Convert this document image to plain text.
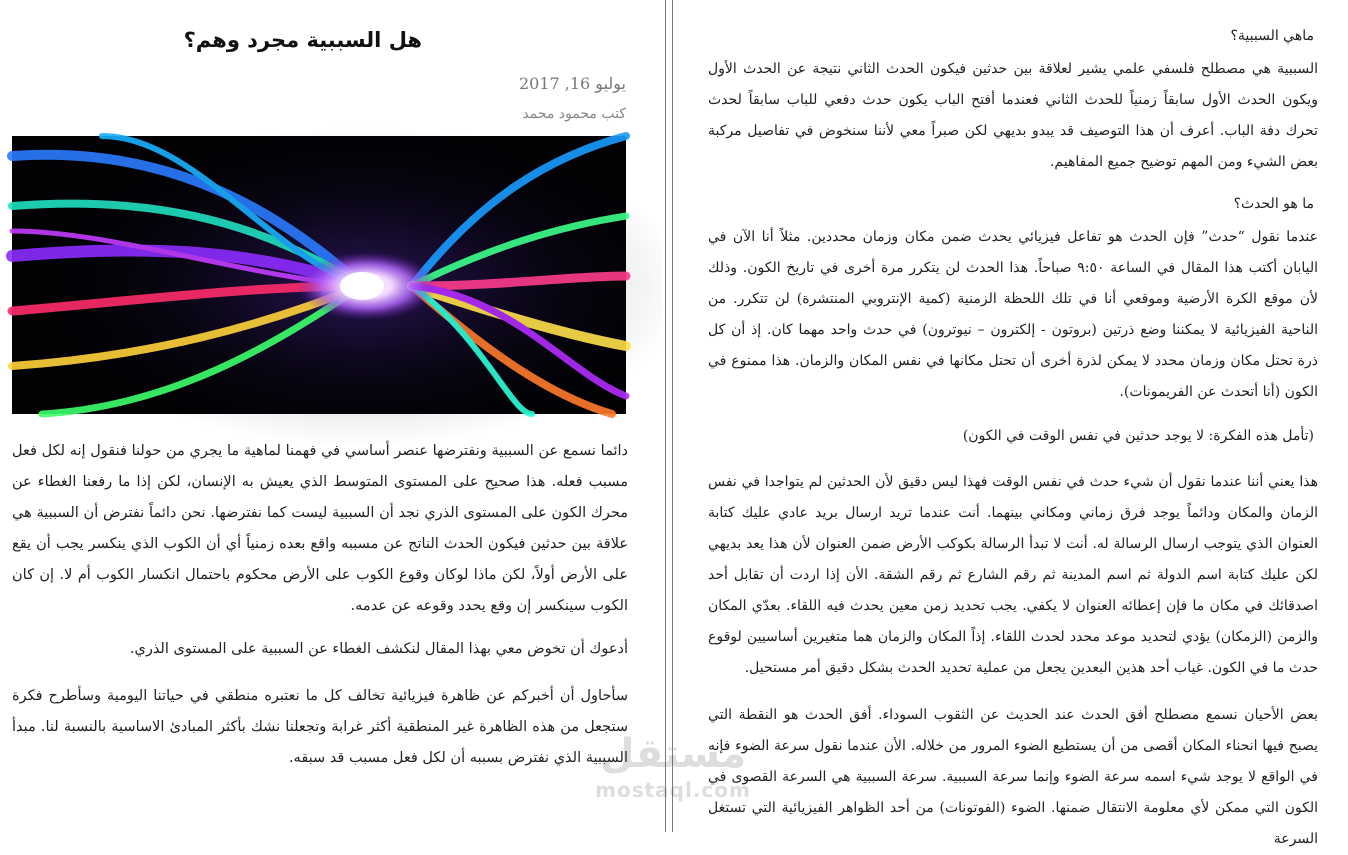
هل السببية مجرد وهم؟
يوليو 16, 2017
كتب محمود محمد
دائما نسمع عن السببية ونفترضها عنصر أساسي في فهمنا لماهية ما يجري من حولنا فنقول إنه لكل فعل مسبب فعله. هذا صحيح على المستوى المتوسط الذي يعيش به الإنسان، لكن إذا ما رفعنا الغطاء عن محرك الكون على المستوى الذري نجد أن السببية ليست كما نفترضها. نحن دائماً نفترض أن السببية هي علاقة بين حدثين فيكون الحدث الناتج عن مسببه واقع بعده زمنياً أي أن الكوب الذي ينكسر يجب أن يقع على الأرض أولاً، لكن ماذا لوكان وقوع الكوب على الأرض محكوم باحتمال انكسار الكوب أم لا. إن كان الكوب سينكسر إن وقع يحدد وقوعه عن عدمه.
أدعوك أن تخوض معي بهذا المقال لنكشف الغطاء عن السببية على المستوى الذري.
سأحاول أن أخبركم عن ظاهرة فيزيائية تخالف كل ما نعتبره منطقي في حياتنا اليومية وسأطرح فكرة ستجعل من هذه الظاهرة غير المنطقية أكثر غرابة وتجعلنا نشك بأكثر المبادئ الاساسية بالنسبة لنا. مبدأ السببية الذي نفترض بسببه أن لكل فعل مسبب قد سبقه.
ماهي السببية؟
السببية هي مصطلح فلسفي علمي يشير لعلاقة بين حدثين فيكون الحدث الثاني نتيجة عن الحدث الأول ويكون الحدث الأول سابقاً زمنياً للحدث الثاني فعندما أفتح الباب يكون حدث دفعي للباب سابقاً لحدث تحرك دفة الباب. أعرف أن هذا التوصيف قد يبدو بديهي لكن صبراً معي لأننا سنخوض في تفاصيل مركبة بعض الشيء ومن المهم توضيح جميع المفاهيم.
ما هو الحدث؟
عندما نقول “حدث” فإن الحدث هو تفاعل فيزيائي يحدث ضمن مكان وزمان محددين. مثلاً أنا الآن في اليابان أكتب هذا المقال في الساعة ٩:٥٠ صباحاً. هذا الحدث لن يتكرر مرة أخرى في تاريخ الكون. وذلك لأن موقع الكرة الأرضية وموقعي أنا في تلك اللحظة الزمنية (كمية الإنتروبي المنتشرة) لن تتكرر. من الناحية الفيزيائية لا يمكننا وضع ذرتين (بروتون - إلكترون – نيوترون) في حدث واحد مهما كان. إذ أن كل ذرة تحتل مكان وزمان محدد لا يمكن لذرة أخرى أن تحتل مكانها في نفس المكان والزمان. هذا ممنوع في الكون (أنا أتحدث عن الفريمونات).
(تأمل هذه الفكرة: لا يوجد حدثين في نفس الوقت في الكون)
هذا يعني أننا عندما نقول أن شيء حدث في نفس الوقت فهذا ليس دقيق لأن الحدثين لم يتواجدا في نفس الزمان والمكان ودائماً يوجد فرق زماني ومكاني بينهما. أنت عندما تريد ارسال بريد عادي عليك كتابة العنوان الذي يتوجب ارسال الرسالة له. أنت لا تبدأ الرسالة بكوكب الأرض ضمن العنوان لأن هذا يعد بديهي لكن عليك كتابة اسم الدولة ثم اسم المدينة ثم رقم الشارع ثم رقم الشقة. الأن إذا اردت أن تقابل أحد اصدقائك في مكان ما فإن إعطائه العنوان لا يكفي. يجب تحديد زمن معين يحدث فيه اللقاء. بعدّي المكان والزمن (الزمكان) يؤدي لتحديد موعد محدد لحدث اللقاء. إذاً المكان والزمان هما متغيرين أساسيين لوقوع حدث ما في الكون. غياب أحد هذين البعدين يجعل من عملية تحديد الحدث بشكل دقيق أمر مستحيل.
بعض الأحيان نسمع مصطلح أفق الحدث عند الحديث عن الثقوب السوداء. أفق الحدث هو النقطة التي يصبح فيها انحناء المكان أقصى من أن يستطيع الضوء المرور من خلاله. الأن عندما نقول سرعة الضوء فإنه في الواقع لا يوجد شيء اسمه سرعة الضوء وإنما سرعة السببية. سرعة السببية هي السرعة القصوى في الكون التي ممكن لأي معلومة الانتقال ضمنها. الضوء (الفوتونات) من أحد الظواهر الفيزيائية التي تستغل السرعة
